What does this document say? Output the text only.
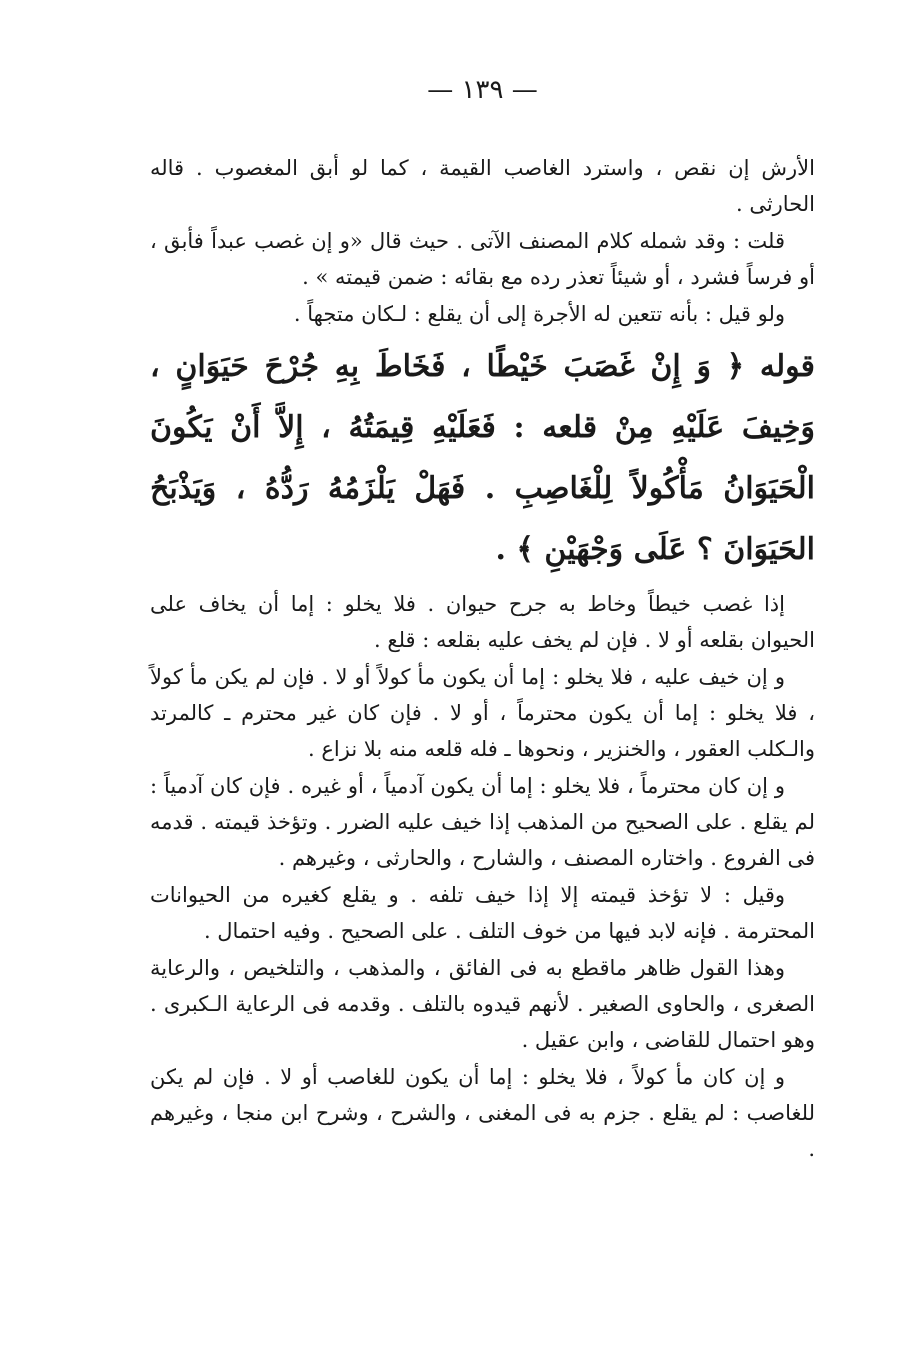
— ١٣٩ —

الأرش إن نقص ، واسترد الغاصب القيمة ، كما لو أبق المغصوب . قاله الحارثى .

قلت : وقد شمله كلام المصنف الآتى . حيث قال «و إن غصب عبداً فأبق ، أو فرساً فشرد ، أو شيئاً تعذر رده مع بقائه : ضمن قيمته » .

ولو قيل : بأنه تتعين له الأجرة إلى أن يقلع : لـكان متجهاً .

قوله ﴿ وَ إِنْ غَصَبَ خَيْطًا ، فَخَاطَ بِهِ جُرْحَ حَيَوَانٍ ، وَخِيفَ عَلَيْهِ مِنْ قلعه : فَعَلَيْهِ قِيمَتُهُ ، إِلاَّ أَنْ يَكُونَ الْحَيَوَانُ مَأْكُولاً لِلْغَاصِبِ . فَهَلْ يَلْزَمُهُ رَدُّهُ ، وَيَذْبَحُ الحَيَوَانَ ؟ عَلَى وَجْهَيْنِ ﴾ .

إذا غصب خيطاً وخاط به جرح حيوان . فلا يخلو : إما أن يخاف على الحيوان بقلعه أو لا . فإن لم يخف عليه بقلعه : قلع .

و إن خيف عليه ، فلا يخلو : إما أن يكون مأ كولاً أو لا . فإن لم يكن مأ كولاً ، فلا يخلو : إما أن يكون محترماً ، أو لا . فإن كان غير محترم ـ كالمرتد والـكلب العقور ، والخنزير ، ونحوها ـ فله قلعه منه بلا نزاع .

و إن كان محترماً ، فلا يخلو : إما أن يكون آدمياً ، أو غيره . فإن كان آدمياً : لم يقلع . على الصحيح من المذهب إذا خيف عليه الضرر . وتؤخذ قيمته . قدمه فى الفروع . واختاره المصنف ، والشارح ، والحارثى ، وغيرهم .

وقيل : لا تؤخذ قيمته إلا إذا خيف تلفه . و يقلع كغيره من الحيوانات المحترمة . فإنه لابد فيها من خوف التلف . على الصحيح . وفيه احتمال .

وهذا القول ظاهر ماقطع به فى الفائق ، والمذهب ، والتلخيص ، والرعاية الصغرى ، والحاوى الصغير . لأنهم قيدوه بالتلف . وقدمه فى الرعاية الـكبرى . وهو احتمال للقاضى ، وابن عقيل .

و إن كان مأ كولاً ، فلا يخلو : إما أن يكون للغاصب أو لا . فإن لم يكن للغاصب : لم يقلع . جزم به فى المغنى ، والشرح ، وشرح ابن منجا ، وغيرهم .
